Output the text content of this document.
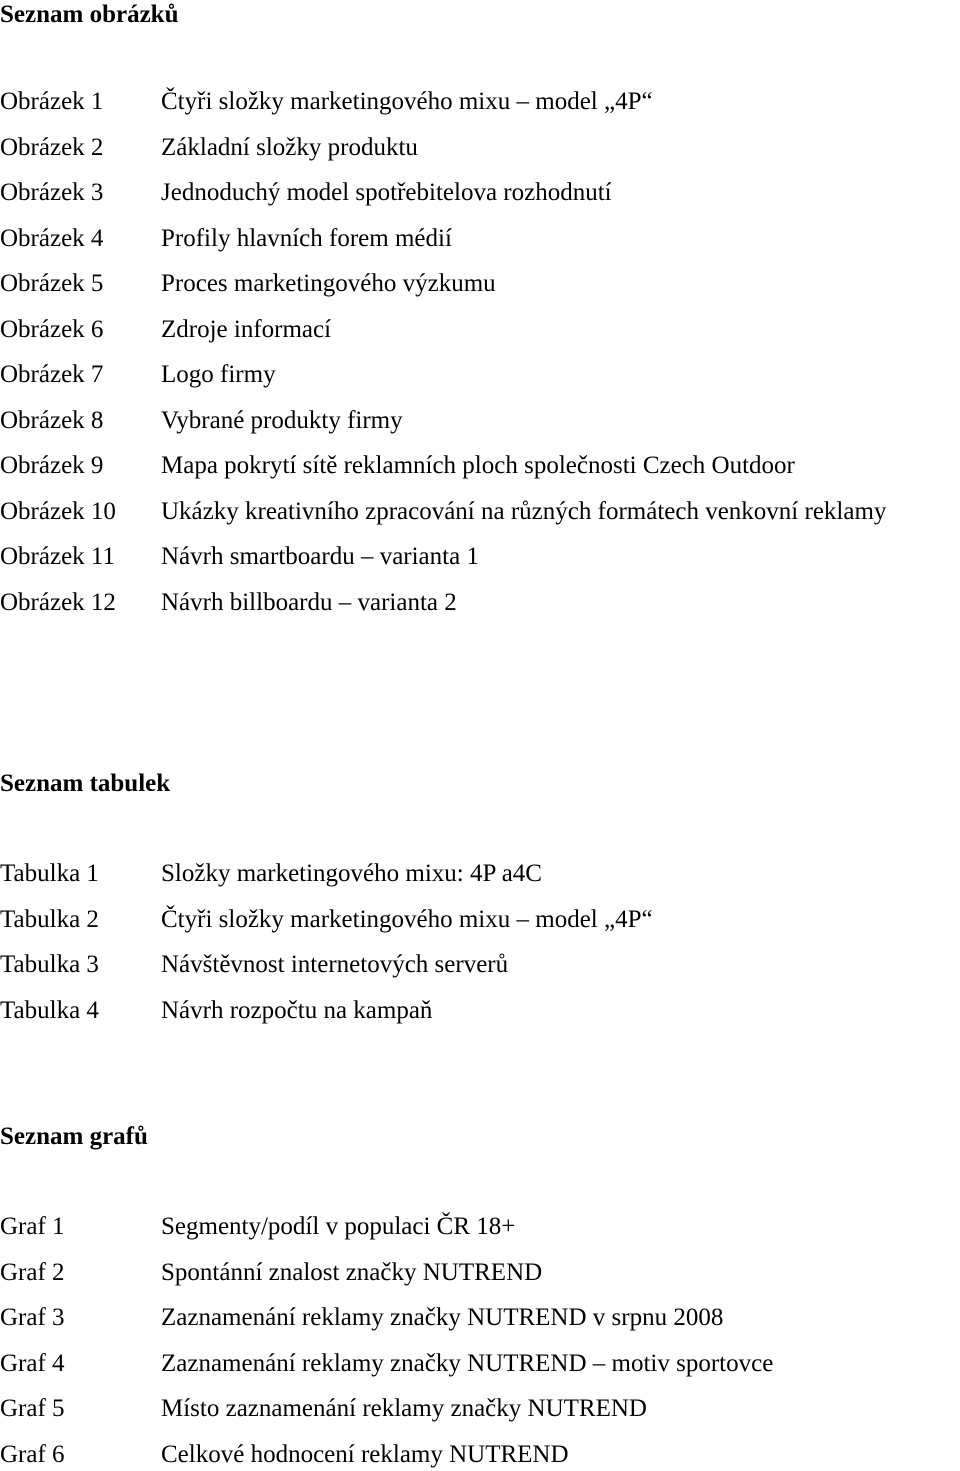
Seznam obrázků
Obrázek 1 Čtyři složky marketingového mixu – model „4P“
Obrázek 2 Základní složky produktu
Obrázek 3 Jednoduchý model spotřebitelova rozhodnutí
Obrázek 4 Profily hlavních forem médií
Obrázek 5 Proces marketingového výzkumu
Obrázek 6 Zdroje informací
Obrázek 7 Logo firmy
Obrázek 8 Vybrané produkty firmy
Obrázek 9 Mapa pokrytí sítě reklamních ploch společnosti Czech Outdoor
Obrázek 10 Ukázky kreativního zpracování na různých formátech venkovní reklamy
Obrázek 11 Návrh smartboardu – varianta 1
Obrázek 12 Návrh billboardu – varianta 2
Seznam tabulek
Tabulka 1 Složky marketingového mixu: 4P a4C
Tabulka 2 Čtyři složky marketingového mixu – model „4P“
Tabulka 3 Návštěvnost internetových serverů
Tabulka 4 Návrh rozpočtu na kampaň
Seznam grafů
Graf 1	Segmenty/podíl v populaci ČR 18+
Graf 2	Spontánní znalost značky NUTREND
Graf 3	Zaznamenání reklamy značky NUTREND v srpnu 2008
Graf 4	Zaznamenání reklamy značky NUTREND – motiv sportovce
Graf 5	Místo zaznamenání reklamy značky NUTREND
Graf 6	Celkové hodnocení reklamy NUTREND
